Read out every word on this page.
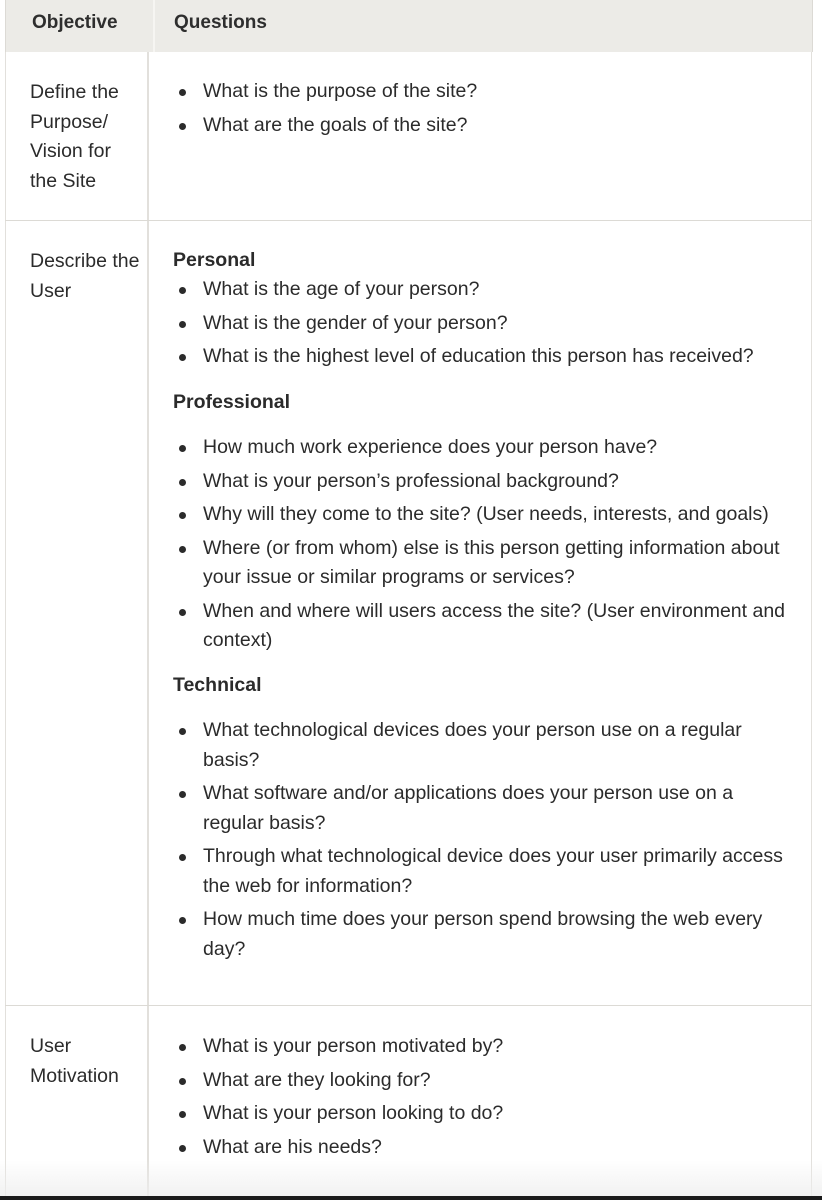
Objective	Questions
Define the Purpose/ Vision for the Site
What is the purpose of the site?
What are the goals of the site?
Describe the User
Personal
What is the age of your person?
What is the gender of your person?
What is the highest level of education this person has received?
Professional
How much work experience does your person have?
What is your person’s professional background?
Why will they come to the site? (User needs, interests, and goals)
Where (or from whom) else is this person getting information about your issue or similar programs or services?
When and where will users access the site? (User environment and context)
Technical
What technological devices does your person use on a regular basis?
What software and/or applications does your person use on a regular basis?
Through what technological device does your user primarily access the web for information?
How much time does your person spend browsing the web every day?
User Motivation
What is your person motivated by?
What are they looking for?
What is your person looking to do?
What are his needs?
